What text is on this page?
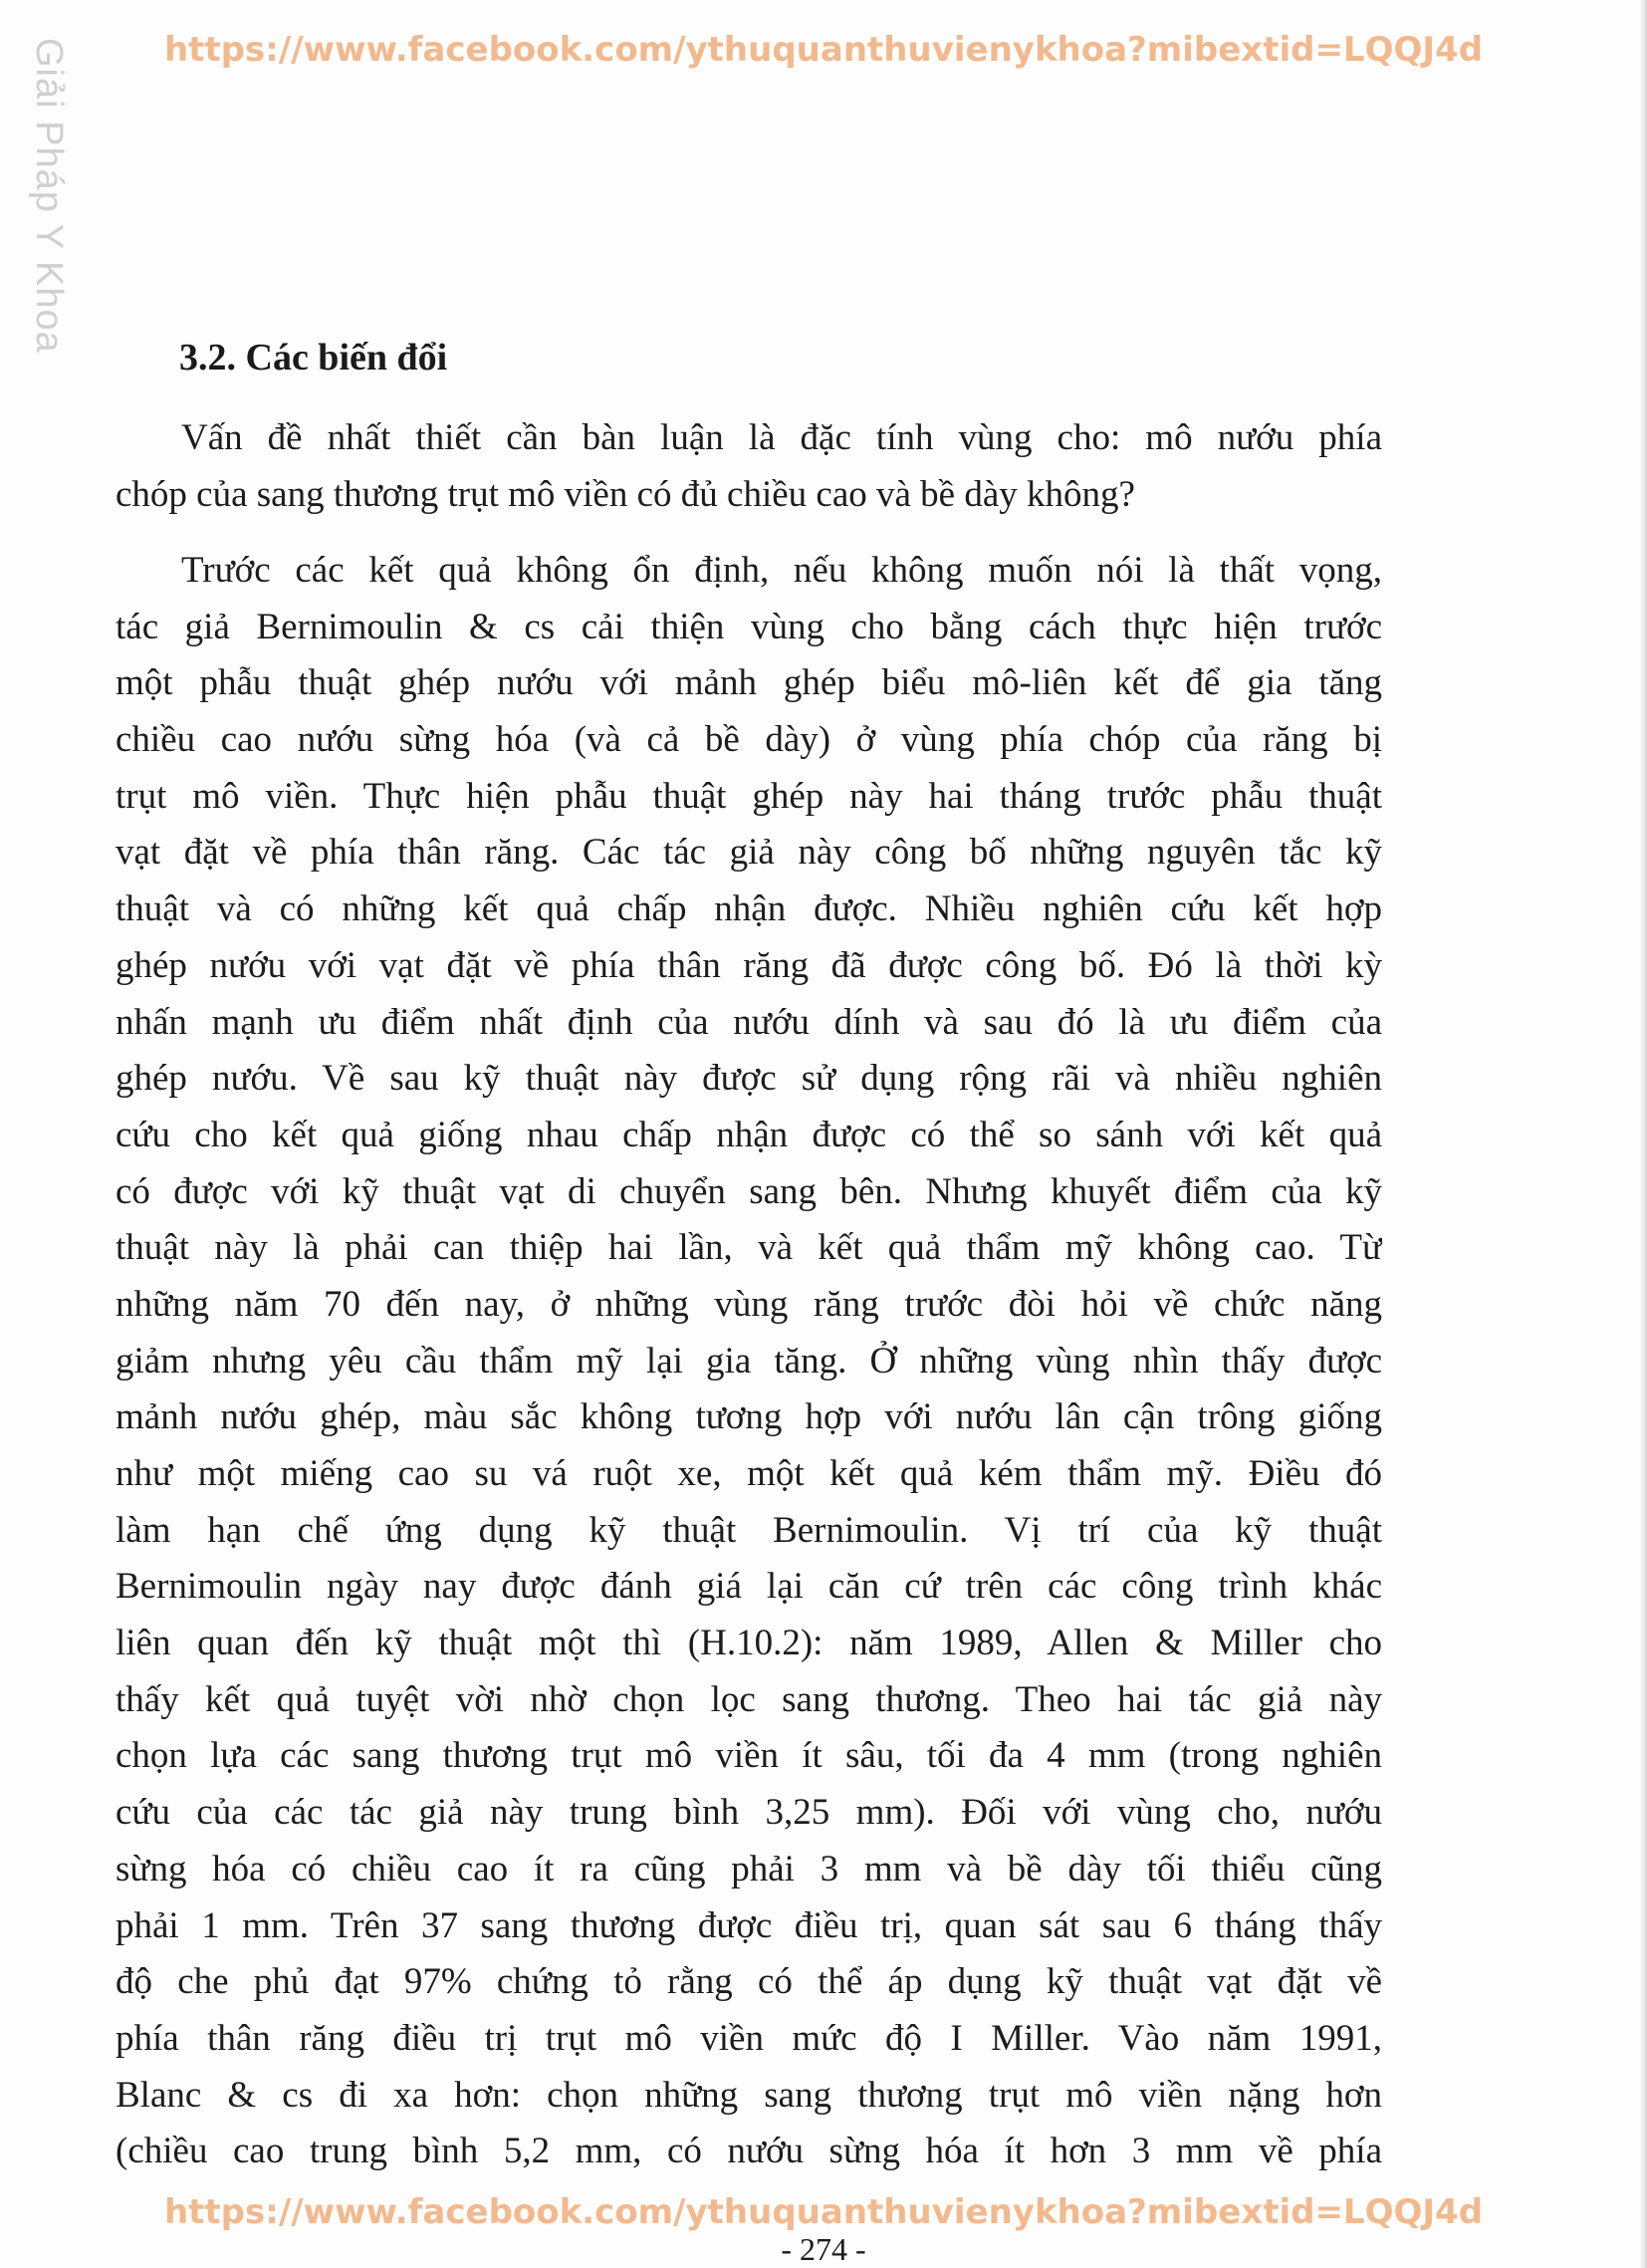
Giải Pháp Y Khoa	https://www.facebook.com/ythuquanthuvienykhoa?mibextid=LQQJ4d
3.2. Các biến đổi
Vấn đề nhất thiết cần bàn luận là đặc tính vùng cho: mô nướu phía
chóp của sang thương trụt mô viền có đủ chiều cao và bề dày không?
Trước các kết quả không ổn định, nếu không muốn nói là thất vọng,
tác giả Bernimoulin & cs cải thiện vùng cho bằng cách thực hiện trước
một phẫu thuật ghép nướu với mảnh ghép biểu mô-liên kết để gia tăng
chiều cao nướu sừng hóa (và cả bề dày) ở vùng phía chóp của răng bị
trụt mô viền. Thực hiện phẫu thuật ghép này hai tháng trước phẫu thuật
vạt đặt về phía thân răng. Các tác giả này công bố những nguyên tắc kỹ
thuật và có những kết quả chấp nhận được. Nhiều nghiên cứu kết hợp
ghép nướu với vạt đặt về phía thân răng đã được công bố. Đó là thời kỳ
nhấn mạnh ưu điểm nhất định của nướu dính và sau đó là ưu điểm của
ghép nướu. Về sau kỹ thuật này được sử dụng rộng rãi và nhiều nghiên
cứu cho kết quả giống nhau chấp nhận được có thể so sánh với kết quả
có được với kỹ thuật vạt di chuyển sang bên. Nhưng khuyết điểm của kỹ
thuật này là phải can thiệp hai lần, và kết quả thẩm mỹ không cao. Từ
những năm 70 đến nay, ở những vùng răng trước đòi hỏi về chức năng
giảm nhưng yêu cầu thẩm mỹ lại gia tăng. Ở những vùng nhìn thấy được
mảnh nướu ghép, màu sắc không tương hợp với nướu lân cận trông giống
như một miếng cao su vá ruột xe, một kết quả kém thẩm mỹ. Điều đó
làm hạn chế ứng dụng kỹ thuật Bernimoulin. Vị trí của kỹ thuật
Bernimoulin ngày nay được đánh giá lại căn cứ trên các công trình khác
liên quan đến kỹ thuật một thì (H.10.2): năm 1989, Allen & Miller cho
thấy kết quả tuyệt vời nhờ chọn lọc sang thương. Theo hai tác giả này
chọn lựa các sang thương trụt mô viền ít sâu, tối đa 4 mm (trong nghiên
cứu của các tác giả này trung bình 3,25 mm). Đối với vùng cho, nướu
sừng hóa có chiều cao ít ra cũng phải 3 mm và bề dày tối thiểu cũng
phải 1 mm. Trên 37 sang thương được điều trị, quan sát sau 6 tháng thấy
độ che phủ đạt 97% chứng tỏ rằng có thể áp dụng kỹ thuật vạt đặt về
phía thân răng điều trị trụt mô viền mức độ I Miller. Vào năm 1991,
Blanc & cs đi xa hơn: chọn những sang thương trụt mô viền nặng hơn
(chiều cao trung bình 5,2 mm, có nướu sừng hóa ít hơn 3 mm về phía
https://www.facebook.com/ythuquanthuvienykhoa?mibextid=LQQJ4d
- 274 -
